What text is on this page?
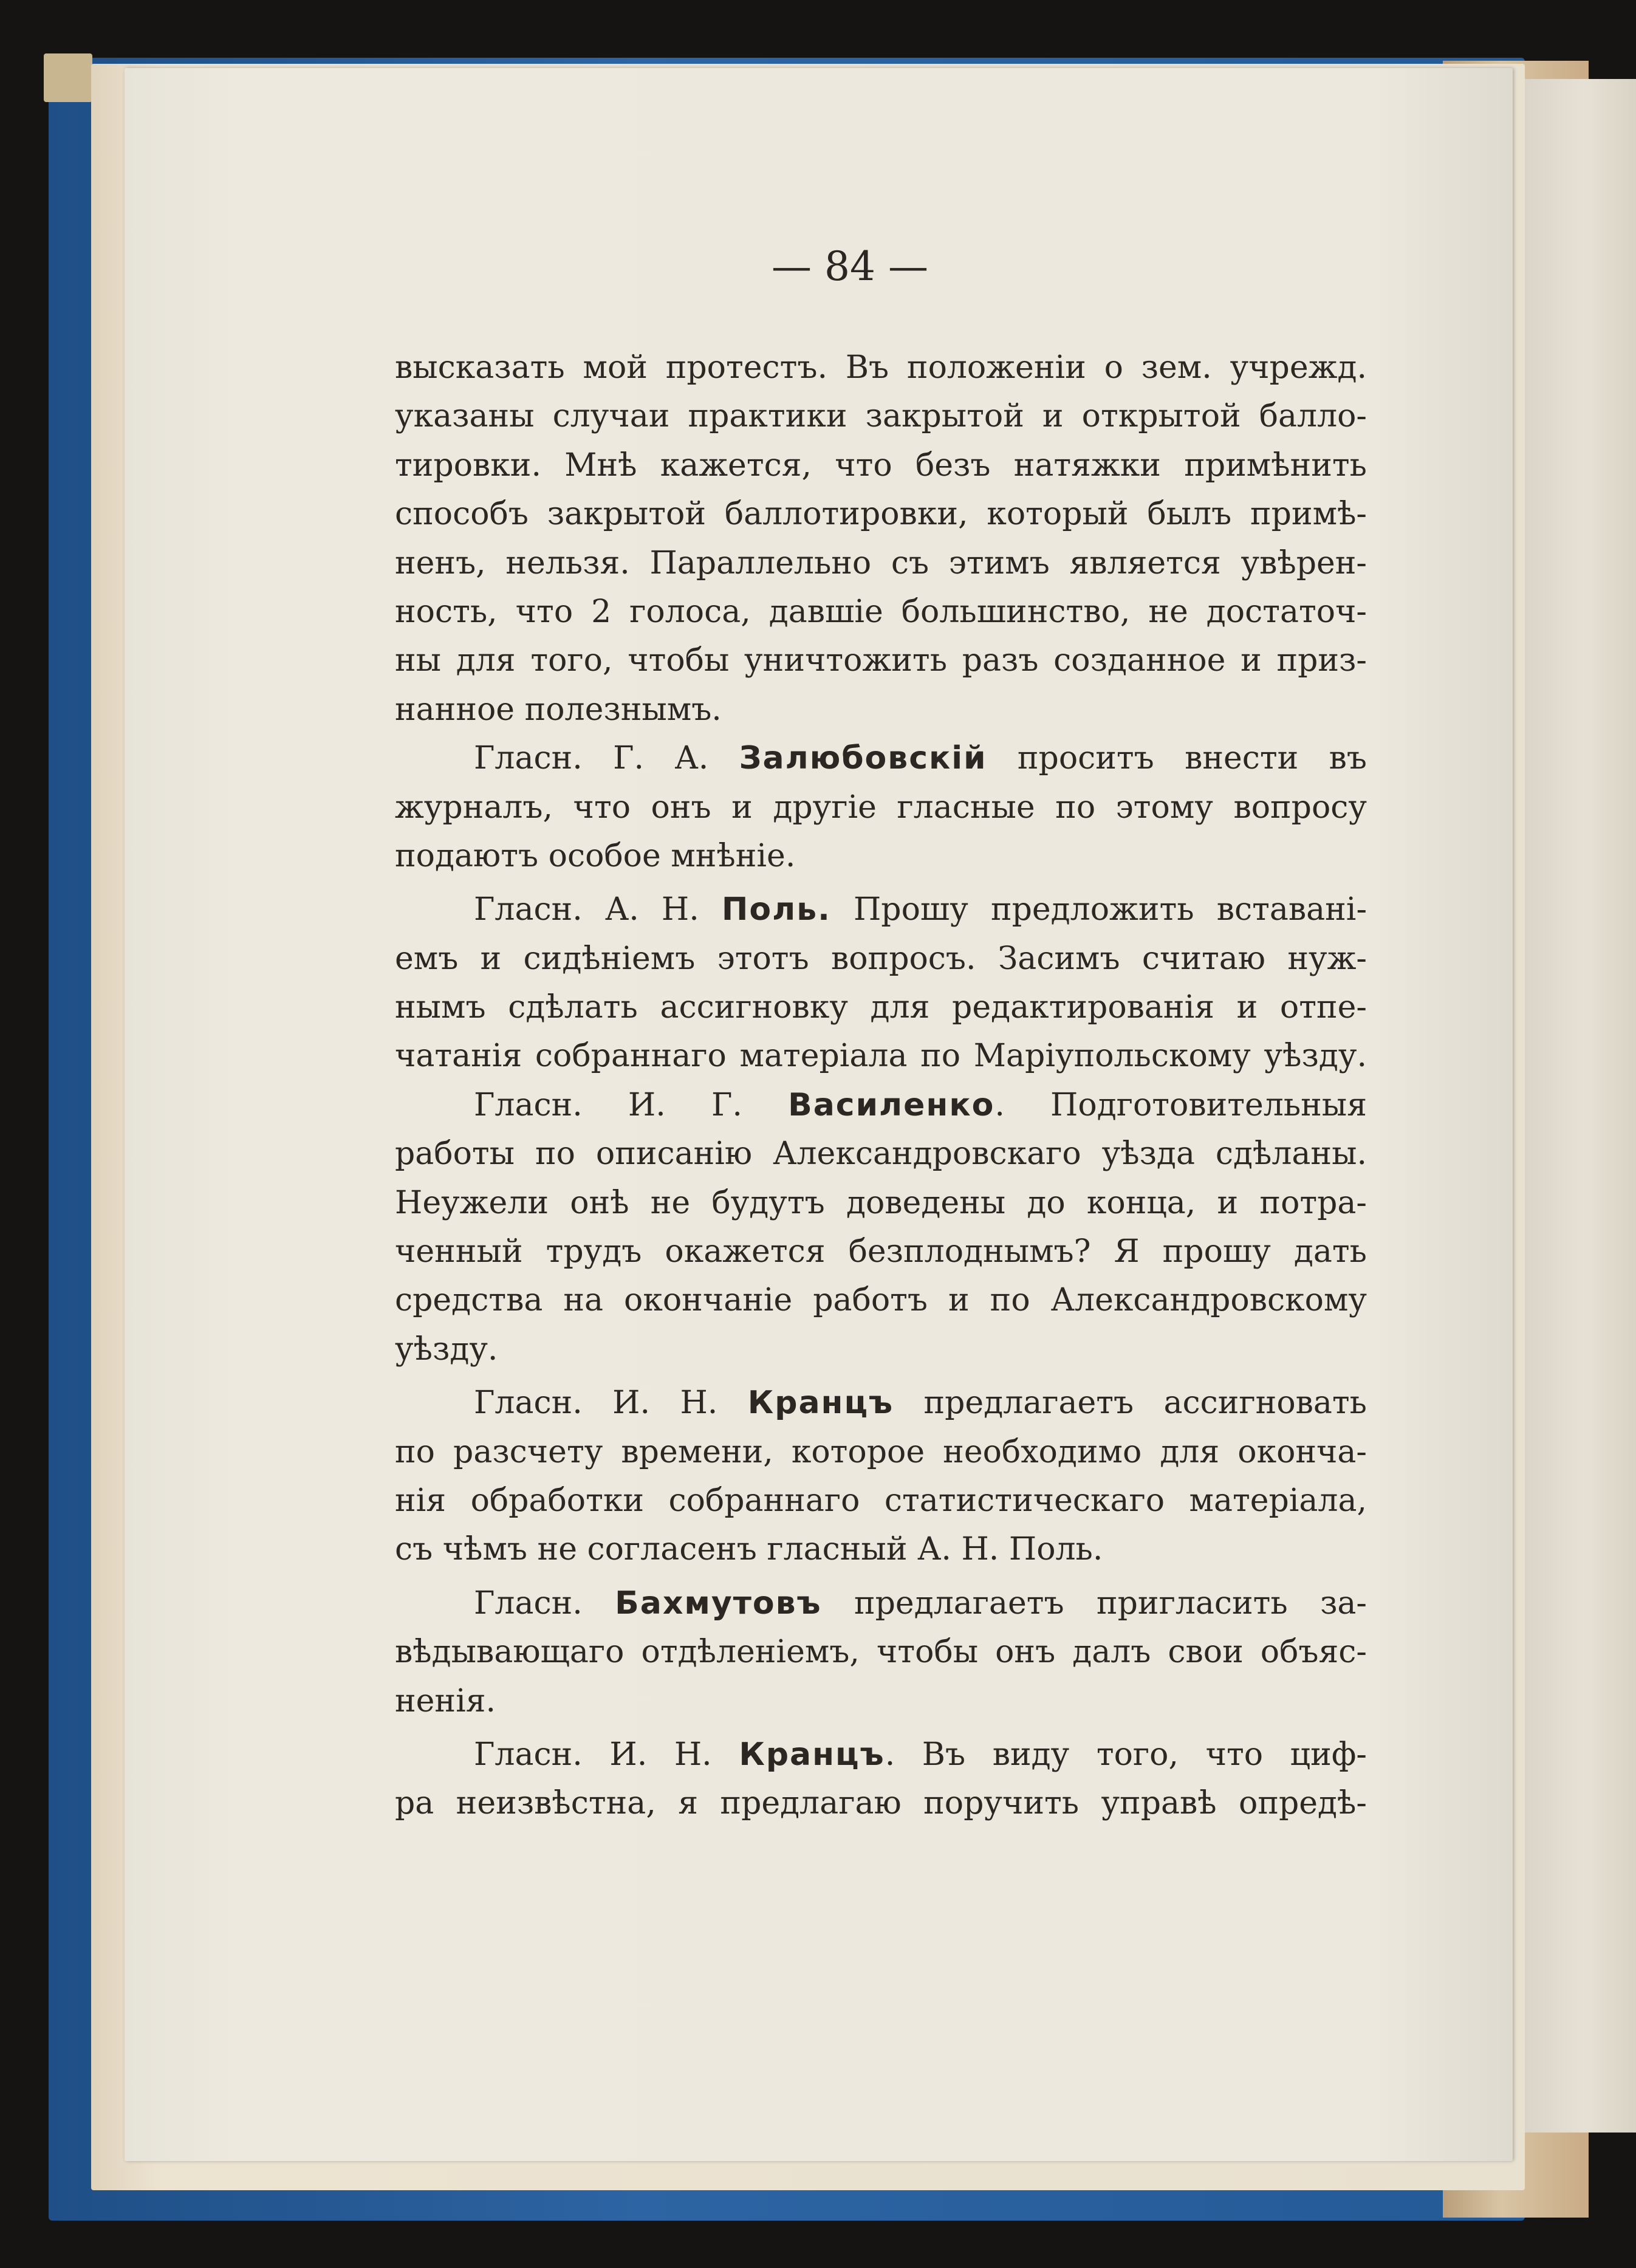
— 84 —
высказать мой протестъ. Въ положеніи о зем. учрежд.
указаны случаи практики закрытой и открытой балло-
тировки. Мнѣ кажется, что безъ натяжки примѣнить
способъ закрытой баллотировки, который былъ примѣ-
ненъ, нельзя. Параллельно съ этимъ является увѣрен-
ность, что 2 голоса, давшіе большинство, не достаточ-
ны для того, чтобы уничтожить разъ созданное и приз-
нанное полезнымъ.
Гласн. Г. А. Залюбовскій проситъ внести въ
журналъ, что онъ и другіе гласные по этому вопросу
подаютъ особое мнѣніе.
Гласн. А. Н. Поль. Прошу предложить вставані-
емъ и сидѣніемъ этотъ вопросъ. Засимъ считаю нуж-
нымъ сдѣлать ассигновку для редактированія и отпе-
чатанія собраннаго матеріала по Маріупольскому уѣзду.
Гласн. И. Г. Василенко. Подготовительныя
работы по описанію Александровскаго уѣзда сдѣланы.
Неужели онѣ не будутъ доведены до конца, и потра-
ченный трудъ окажется безплоднымъ? Я прошу дать
средства на окончаніе работъ и по Александровскому
уѣзду.
Гласн. И. Н. Кранцъ предлагаетъ ассигновать
по разсчету времени, которое необходимо для оконча-
нія обработки собраннаго статистическаго матеріала,
съ чѣмъ не согласенъ гласный А. Н. Поль.
Гласн. Бахмутовъ предлагаетъ пригласить за-
вѣдывающаго отдѣленіемъ, чтобы онъ далъ свои объяс-
ненія.
Гласн. И. Н. Кранцъ. Въ виду того, что циф-
ра неизвѣстна, я предлагаю поручить управѣ опредѣ-
